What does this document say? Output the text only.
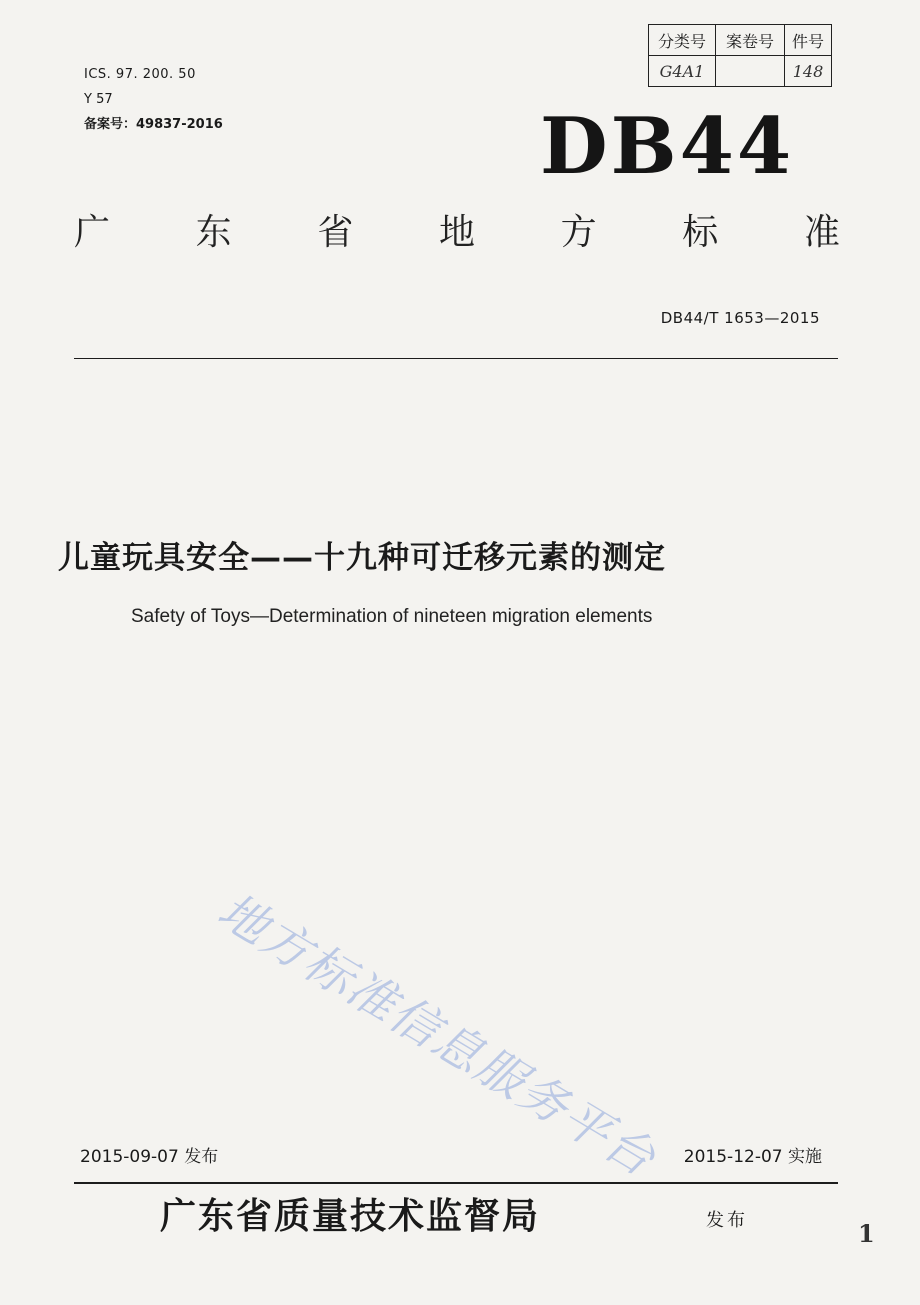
分类号	案卷号	件号
G4A1		148
ICS. 97. 200. 50
Y 57
备案号：49837-2016	DB44
广 东 省 地 方 标 准
DB44/T 1653—2015
儿童玩具安全——十九种可迁移元素的测定
Safety of Toys—Determination of nineteen migration elements
地方标准信息服务平台
2015-09-07 发布	2015-12-07 实施
广东省质量技术监督局	发布	1
